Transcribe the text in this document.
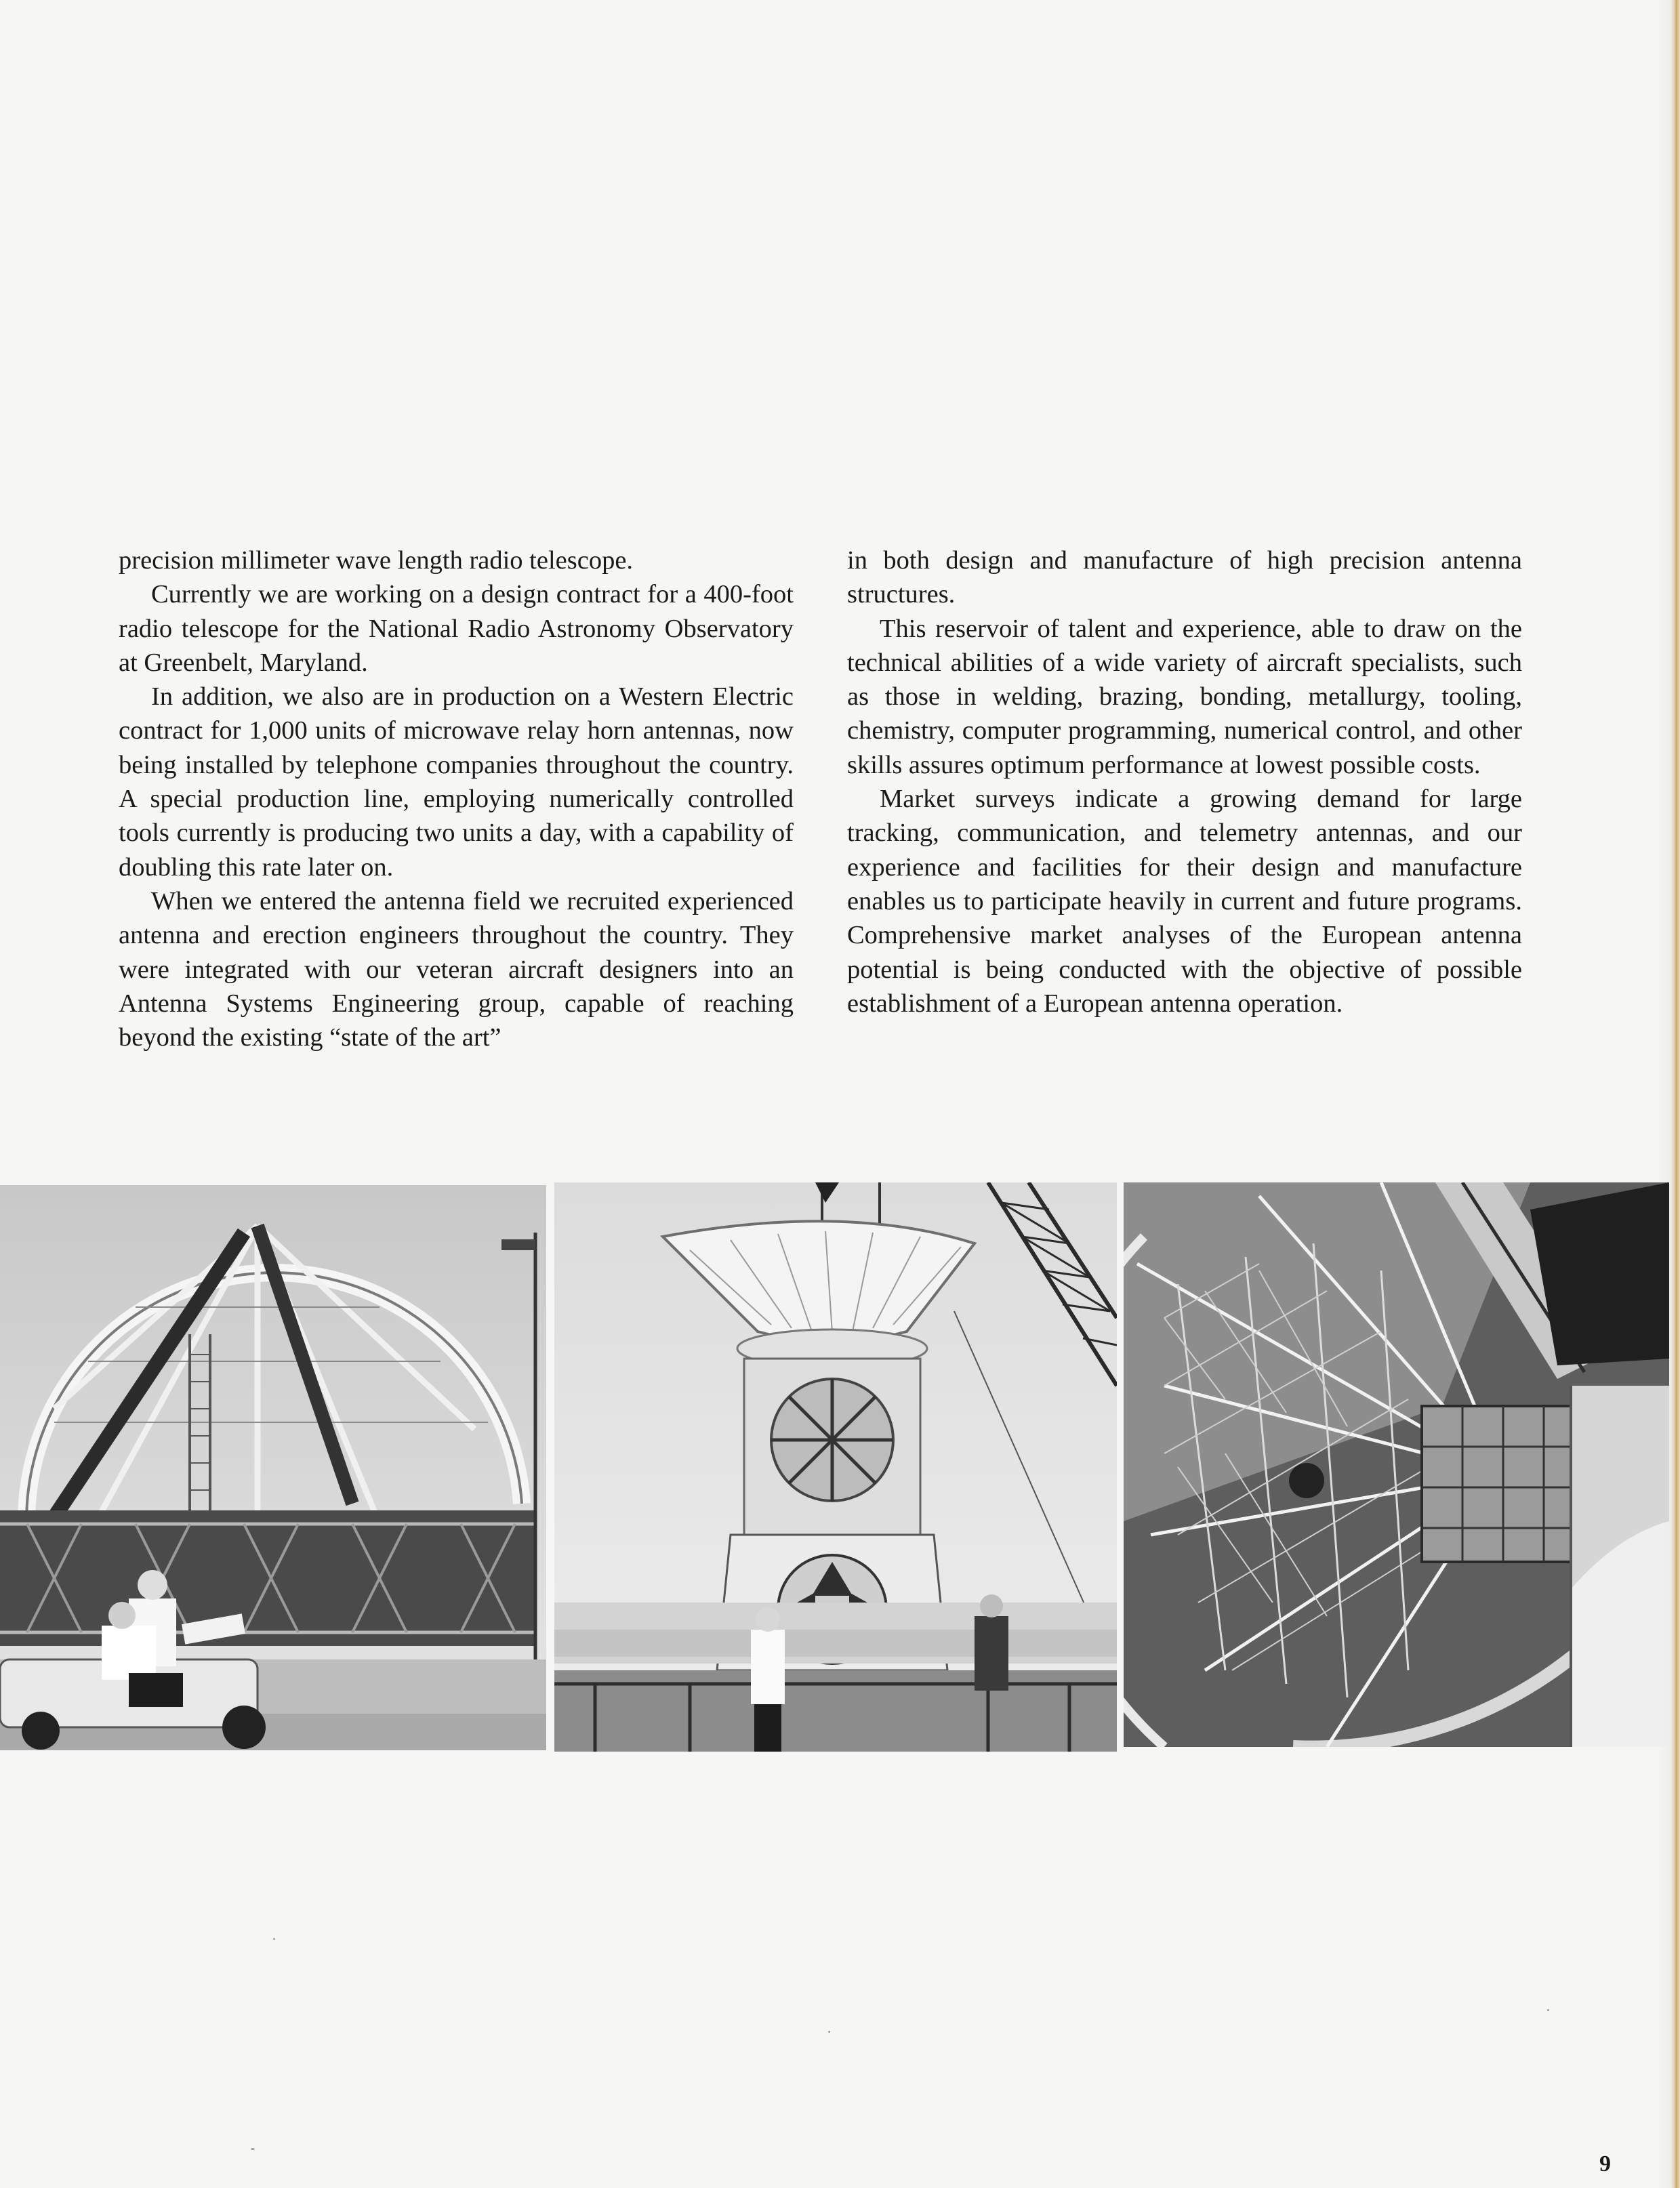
precision millimeter wave length radio telescope.

Currently we are working on a design contract for a 400-foot radio telescope for the National Radio Astronomy Observatory at Greenbelt, Maryland.

In addition, we also are in production on a Western Electric contract for 1,000 units of microwave relay horn antennas, now being installed by telephone companies throughout the country. A special production line, employing numerically controlled tools currently is producing two units a day, with a capability of doubling this rate later on.

When we entered the antenna field we recruited experienced antenna and erection engineers throughout the country. They were integrated with our veteran aircraft designers into an Antenna Systems Engineering group, capable of reaching beyond the existing “state of the art”

in both design and manufacture of high precision antenna structures.

This reservoir of talent and experience, able to draw on the technical abilities of a wide variety of aircraft specialists, such as those in welding, brazing, bonding, metallurgy, tooling, chemistry, computer programming, numerical control, and other skills assures optimum performance at lowest possible costs.

Market surveys indicate a growing demand for large tracking, communication, and telemetry antennas, and our experience and facilities for their design and manufacture enables us to participate heavily in current and future programs. Comprehensive market analyses of the European antenna potential is being conducted with the objective of possible establishment of a European antenna operation.

9
